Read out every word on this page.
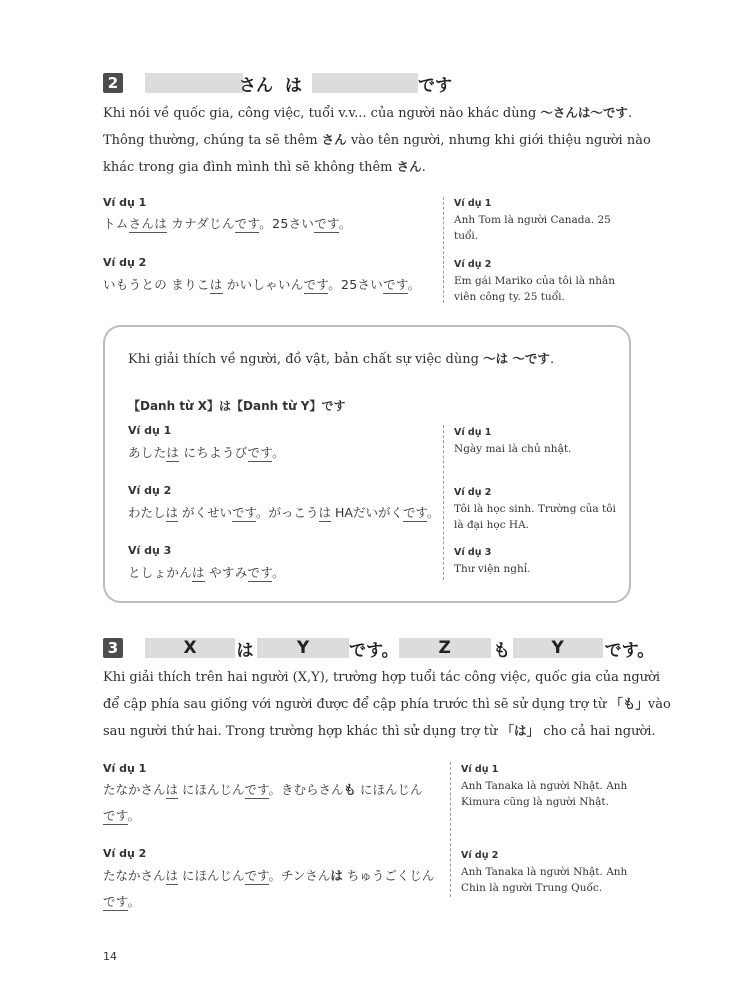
2	さん は	です
Khi nói về quốc gia, công việc, tuổi v.v... của người nào khác dùng ～さんは～です.
Thông thường, chúng ta sẽ thêm さん vào tên người, nhưng khi giới thiệu người nào
khác trong gia đình mình thì sẽ không thêm さん.
Ví dụ 1
トムさんは カナダじんです。25さいです。
Ví dụ 2
いもうとの まりこは かいしゃいんです。25さいです。
Ví dụ 1
Anh Tom là người Canada. 25 tuổi.
Ví dụ 2
Em gái Mariko của tôi là nhân viên công ty. 25 tuổi.
Khi giải thích về người, đồ vật, bản chất sự việc dùng ～は ～です.
【Danh từ X】は【Danh từ Y】です
Ví dụ 1
あしたは にちようびです。
Ví dụ 2
わたしは がくせいです。がっこうは HAだいがくです。
Ví dụ 3
としょかんは やすみです。
Ví dụ 1
Ngày mai là chủ nhật.
Ví dụ 2
Tôi là học sinh. Trường của tôi là đại học HA.
Ví dụ 3
Thư viện nghỉ.
3	X	は	Y	です。	Z	も	Y	です。
Khi giải thích trên hai người (X,Y), trường hợp tuổi tác công việc, quốc gia của người
để cập phía sau giống với người được để cập phía trước thì sẽ sử dụng trợ từ 「も」vào
sau người thứ hai. Trong trường hợp khác thì sử dụng trợ từ 「は」 cho cả hai người.
Ví dụ 1
たなかさんは にほんじんです。きむらさんも にほんじん
です。
Ví dụ 2
たなかさんは にほんじんです。チンさんは ちゅうごくじん
です。
Ví dụ 1
Anh Tanaka là người Nhật. Anh Kimura cũng là người Nhật.
Ví dụ 2
Anh Tanaka là người Nhật. Anh Chin là người Trung Quốc.
14
